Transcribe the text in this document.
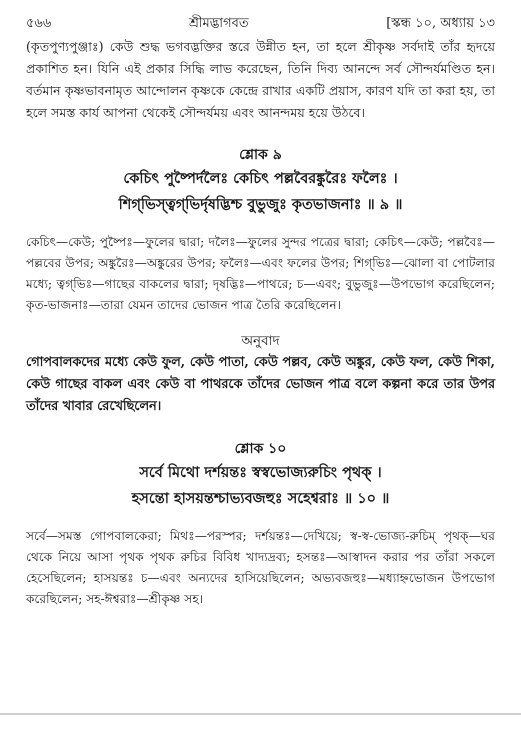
৫৬৬	শ্রীমদ্ভাগবত	[স্কন্ধ ১০, অধ্যায় ১৩

(কৃতপুণ্যপুঞ্জাঃ) কেউ শুদ্ধ ভগবদ্ভক্তির স্তরে উন্নীত হন, তা হলে শ্রীকৃষ্ণ সর্বদাই তাঁর হৃদয়ে প্রকাশিত হন। যিনি এই প্রকার সিদ্ধি লাভ করেছেন, তিনি দিব্য আনন্দে সর্ব সৌন্দর্যমণ্ডিত হন। বর্তমান কৃষ্ণভাবনামৃত আন্দোলন কৃষ্ণকে কেন্দ্রে রাখার একটি প্রয়াস, কারণ যদি তা করা হয়, তা হলে সমস্ত কার্য আপনা থেকেই সৌন্দর্যময় এবং আনন্দময় হয়ে উঠবে।

শ্লোক ৯

কেচিৎ পুষ্পৈর্দলৈঃ কেচিৎ পল্লবৈরঙ্কুরৈঃ ফলৈঃ ।

শিগ্‌ভিস্ত্বগ্‌ভির্দৃষদ্ভিশ্চ বুভুজুঃ কৃতভাজনাঃ ॥ ৯ ॥

কেচিৎ—কেউ; পুষ্পৈঃ—ফুলের দ্বারা; দলৈঃ—ফুলের সুন্দর পত্রের দ্বারা; কেচিৎ—কেউ; পল্লবৈঃ—পল্লবের উপর; অঙ্কুরৈঃ—অঙ্কুরের উপর; ফলৈঃ—এবং ফলের উপর; শিগ্‌ভিঃ—ঝোলা বা পোটলার মধ্যে; ত্বগ্‌ভিঃ—গাছের বাকলের দ্বারা; দৃষদ্ভিঃ—পাথরে; চ—এবং; বুভুজুঃ—উপভোগ করেছিলেন; কৃত-ভাজনাঃ—তারা যেমন তাদের ভোজন পাত্র তৈরি করেছিলেন।

অনুবাদ

গোপবালকদের মধ্যে কেউ ফুল, কেউ পাতা, কেউ পল্লব, কেউ অঙ্কুর, কেউ ফল, কেউ শিকা, কেউ গাছের বাকল এবং কেউ বা পাথরকে তাঁদের ভোজন পাত্র বলে কল্পনা করে তার উপর তাঁদের খাবার রেখেছিলেন।

শ্লোক ১০

সর্বে মিথো দর্শয়ন্তঃ স্বস্বভোজ্যরুচিং পৃথক্ ।

হসন্তো হাসয়ন্তশ্চাভ্যবজহুঃ সহেশ্বরাঃ ॥ ১০ ॥

সর্বে—সমস্ত গোপবালকেরা; মিথঃ—পরস্পর; দর্শয়ন্তঃ—দেখিয়ে; স্ব-স্ব-ভোজ্য-রুচিম্ পৃথক্—ঘর থেকে নিয়ে আসা পৃথক পৃথক রুচির বিবিধ খাদ্যদ্রব্য; হসন্তঃ—আস্বাদন করার পর তাঁরা সকলে হেসেছিলেন; হাসয়ন্তঃ চ—এবং অন্যদের হাসিয়েছিলেন; অভ্যবজহুঃ—মধ্যাহ্নভোজন উপভোগ করেছিলেন; সহ-ঈশ্বরাঃ—শ্রীকৃষ্ণ সহ।
